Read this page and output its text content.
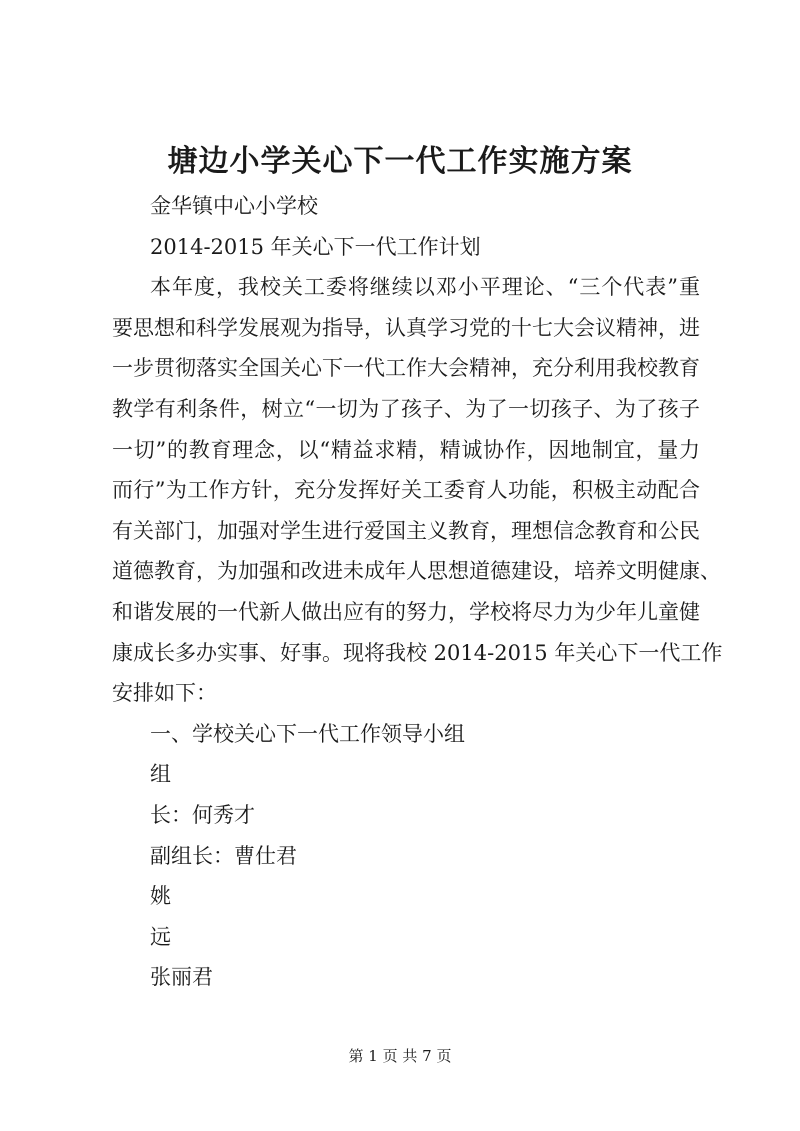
塘边小学关心下一代工作实施方案
金华镇中心小学校
2014-2015 年关心下一代工作计划
本年度，我校关工委将继续以邓小平理论、“三个代表”重
要思想和科学发展观为指导，认真学习党的十七大会议精神，进
一步贯彻落实全国关心下一代工作大会精神，充分利用我校教育
教学有利条件，树立“一切为了孩子、为了一切孩子、为了孩子
一切”的教育理念，以“精益求精，精诚协作，因地制宜，量力
而行”为工作方针，充分发挥好关工委育人功能，积极主动配合
有关部门，加强对学生进行爱国主义教育，理想信念教育和公民
道德教育，为加强和改进未成年人思想道德建设，培养文明健康、
和谐发展的一代新人做出应有的努力，学校将尽力为少年儿童健
康成长多办实事、好事。现将我校 2014-2015 年关心下一代工作
安排如下：
一、学校关心下一代工作领导小组
组
长：何秀才
副组长：曹仕君
姚
远
张丽君
第 1 页 共 7 页
